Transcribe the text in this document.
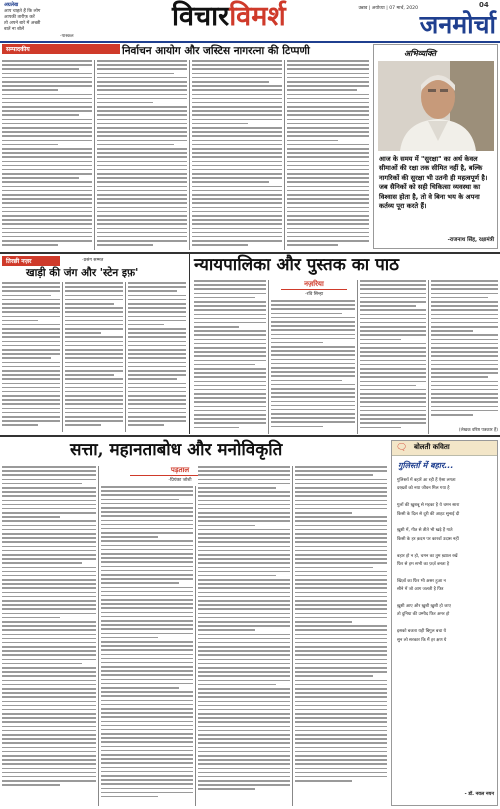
अग्रलेख
आप चाहते हैं कि लोग
आपकी तारीफ़ करें
तो अपने बारे में अच्छी
बातें ना बोलें
-पास्कल
विचारविमर्श	उन्नाव | अयोध्या | 07 मार्च, 2020	04
जनमोर्चा
सम्पादकीय	निर्वाचन आयोग और जस्टिस नागरत्ना की टिप्पणी	अभिव्यक्ति
आज के समय में "सुरक्षा" का अर्थ केवल सीमाओं की रक्षा तक सीमित नहीं है, बल्कि नागरिकों की सुरक्षा भी उतनी ही महत्वपूर्ण है। जब सैनिकों को सही चिकित्सा व्यवस्था का विश्वास होता है, तो वे बिना भय के अपना कर्तव्य पूरा करते हैं।
-राजनाथ सिंह, रक्षामंत्री
तिरछी नज़र	-प्रसंग सम्मत
खाड़ी की जंग और 'स्टेन इफ़'	न्यायपालिका और पुस्तक का पाठ
नज़रिया
-रवि सिन्हा
(लेखक वरिष्ठ पत्रकार हैं)
सत्ता, महानताबोध और मनोविकृति
पड़ताल
-प्रियंका जोशी
🗨 बोलती कविता
गुलिस्ताँ में बहार...
गुलिस्ताँ में बहारें आ रही हैं ऐसा लगता
दरख़्तों को नया जीवन मिल गया है
गुलों की ख़ुशबू से महका है ये चमन सारा
किसी के दिल से दूरी की आहट सुनाई दी
ख़ुशी में, गीत से तीते भी खड़े हैं गाते
किसी के हर क़दम पर कारवाँ उदास नहीं
बहार हो न हो, चमन का तुम ख़्याल रखें
फिर से हम सभी का फ़र्ज़ बनता है
खिज़ाँ का फिर भी असर हुआ न
सीने में जो आग जलती है फिर
ख़ुशी आए और ख़ुशी ख़ुशी हो जाए
तो दुनिया की उम्मीद फिर अमर हो
इसको बजता यही बिगुल बचा ये
सुन लो सरकार कि मैं हर क्षण ये
- डॉ. नवल नयन
